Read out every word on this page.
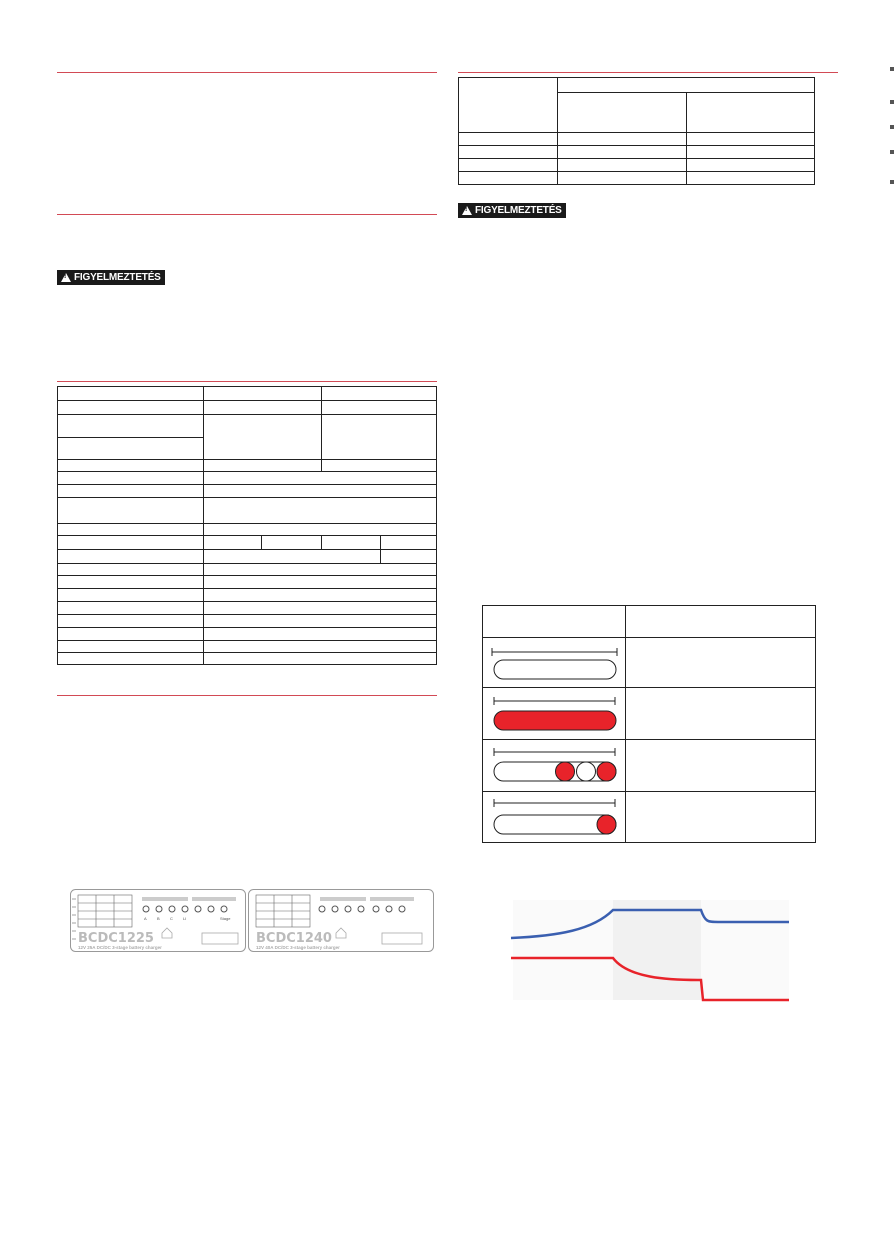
!
FIGYELMEZTETÉS

A	B	C	LI	Stage
BCDC1225
12V 25A DC/DC 3-stage battery charger
BCDC1240
12V 40A DC/DC 3-stage battery charger

!
FIGYELMEZTETÉS
